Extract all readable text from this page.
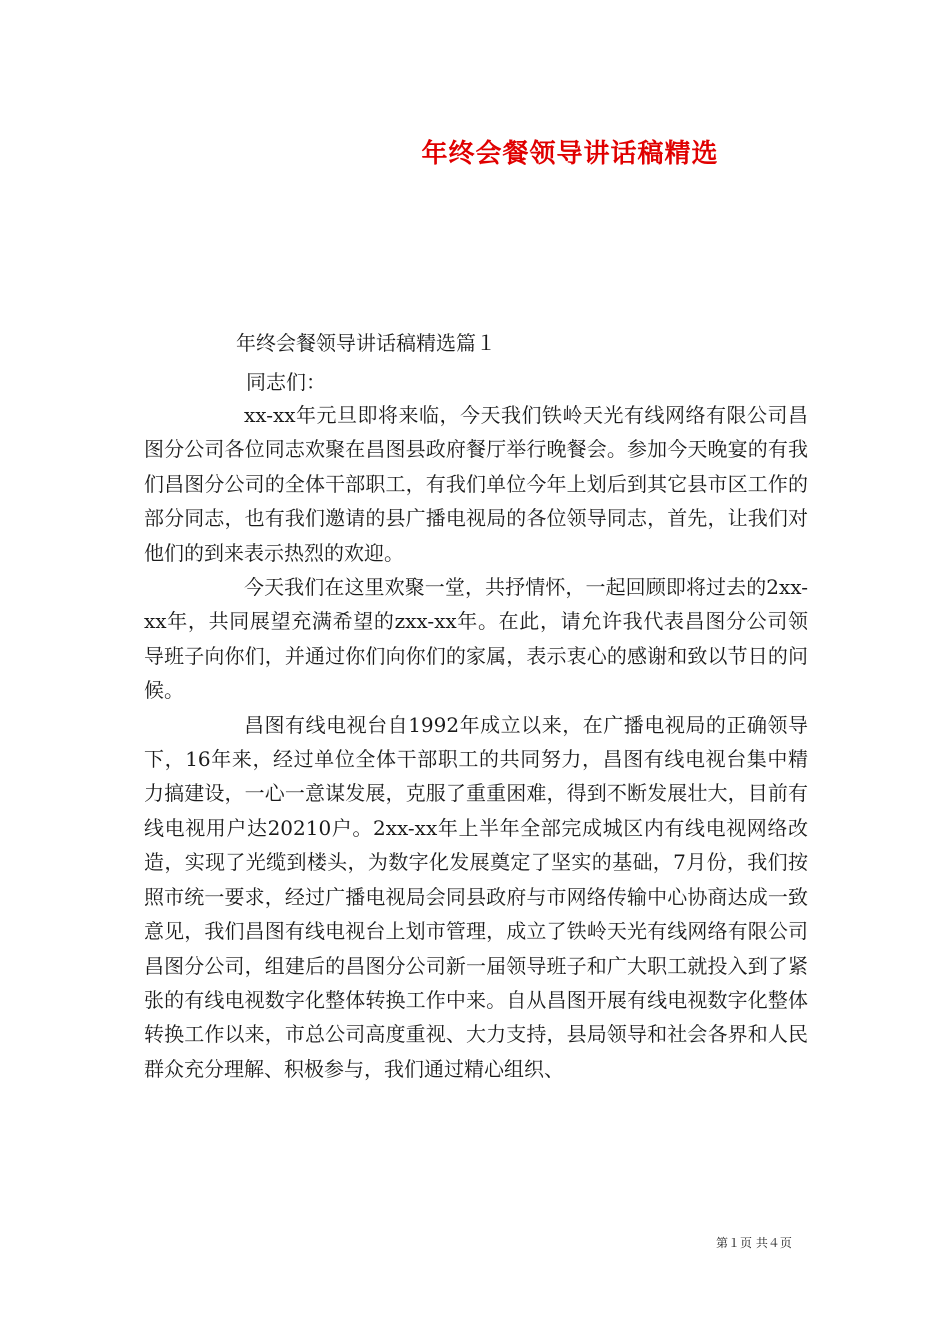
年终会餐领导讲话稿精选
年终会餐领导讲话稿精选篇１
同志们：

xx-xx年元旦即将来临，今天我们铁岭天光有线网络有限公司昌图分公司各位同志欢聚在昌图县政府餐厅举行晚餐会。参加今天晚宴的有我们昌图分公司的全体干部职工，有我们单位今年上划后到其它县市区工作的部分同志，也有我们邀请的县广播电视局的各位领导同志，首先，让我们对他们的到来表示热烈的欢迎。

今天我们在这里欢聚一堂，共抒情怀，一起回顾即将过去的2xx-xx年，共同展望充满希望的zxx-xx年。在此，请允许我代表昌图分公司领导班子向你们，并通过你们向你们的家属，表示衷心的感谢和致以节日的问候。

昌图有线电视台自1992年成立以来，在广播电视局的正确领导下，16年来，经过单位全体干部职工的共同努力，昌图有线电视台集中精力搞建设，一心一意谋发展，克服了重重困难，得到不断发展壮大，目前有线电视用户达20210户。2xx-xx年上半年全部完成城区内有线电视网络改造，实现了光缆到楼头，为数字化发展奠定了坚实的基础，7月份，我们按照市统一要求，经过广播电视局会同县政府与市网络传输中心协商达成一致意见，我们昌图有线电视台上划市管理，成立了铁岭天光有线网络有限公司昌图分公司，组建后的昌图分公司新一届领导班子和广大职工就投入到了紧张的有线电视数字化整体转换工作中来。自从昌图开展有线电视数字化整体转换工作以来，市总公司高度重视、大力支持，县局领导和社会各界和人民群众充分理解、积极参与，我们通过精心组织、

第１页 共４页
